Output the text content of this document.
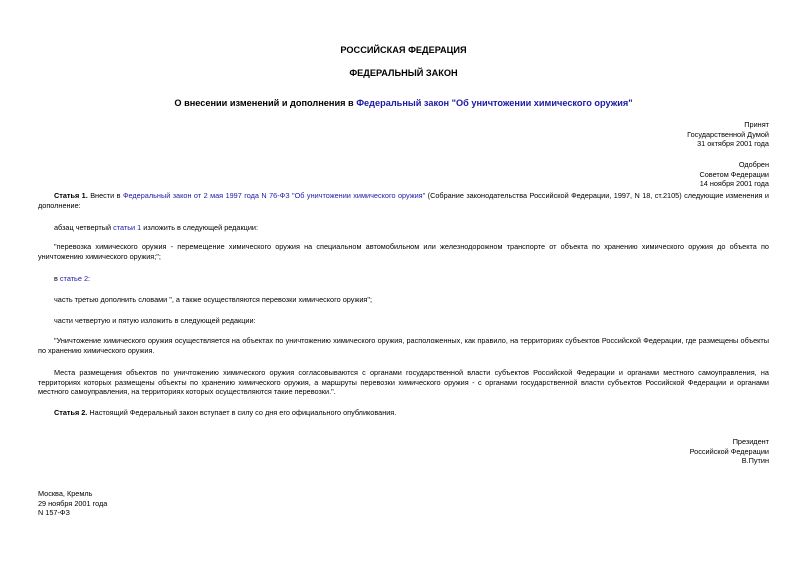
РОССИЙСКАЯ ФЕДЕРАЦИЯ
ФЕДЕРАЛЬНЫЙ ЗАКОН
О внесении изменений и дополнения в Федеральный закон "Об уничтожении химического оружия"
Принят
Государственной Думой
31 октября 2001 года
Одобрен
Советом Федерации
14 ноября 2001 года
Статья 1. Внести в Федеральный закон от 2 мая 1997 года N 76-ФЗ "Об уничтожении химического оружия" (Собрание законодательства Российской Федерации, 1997, N 18, ст.2105) следующие изменения и дополнение:
абзац четвертый статьи 1 изложить в следующей редакции:
"перевозка химического оружия - перемещение химического оружия на специальном автомобильном или железнодорожном транспорте от объекта по хранению химического оружия до объекта по уничтожению химического оружия;";
в статье 2:
часть третью дополнить словами ", а также осуществляются перевозки химического оружия";
части четвертую и пятую изложить в следующей редакции:
"Уничтожение химического оружия осуществляется на объектах по уничтожению химического оружия, расположенных, как правило, на территориях субъектов Российской Федерации, где размещены объекты по хранению химического оружия.
Места размещения объектов по уничтожению химического оружия согласовываются с органами государственной власти субъектов Российской Федерации и органами местного самоуправления, на территориях которых размещены объекты по хранению химического оружия, а маршруты перевозки химического оружия - с органами государственной власти субъектов Российской Федерации и органами местного самоуправления, на территориях которых осуществляются такие перевозки.".
Статья 2. Настоящий Федеральный закон вступает в силу со дня его официального опубликования.
Президент
Российской Федерации
В.Путин
Москва, Кремль
29 ноября 2001 года
N 157-ФЗ
